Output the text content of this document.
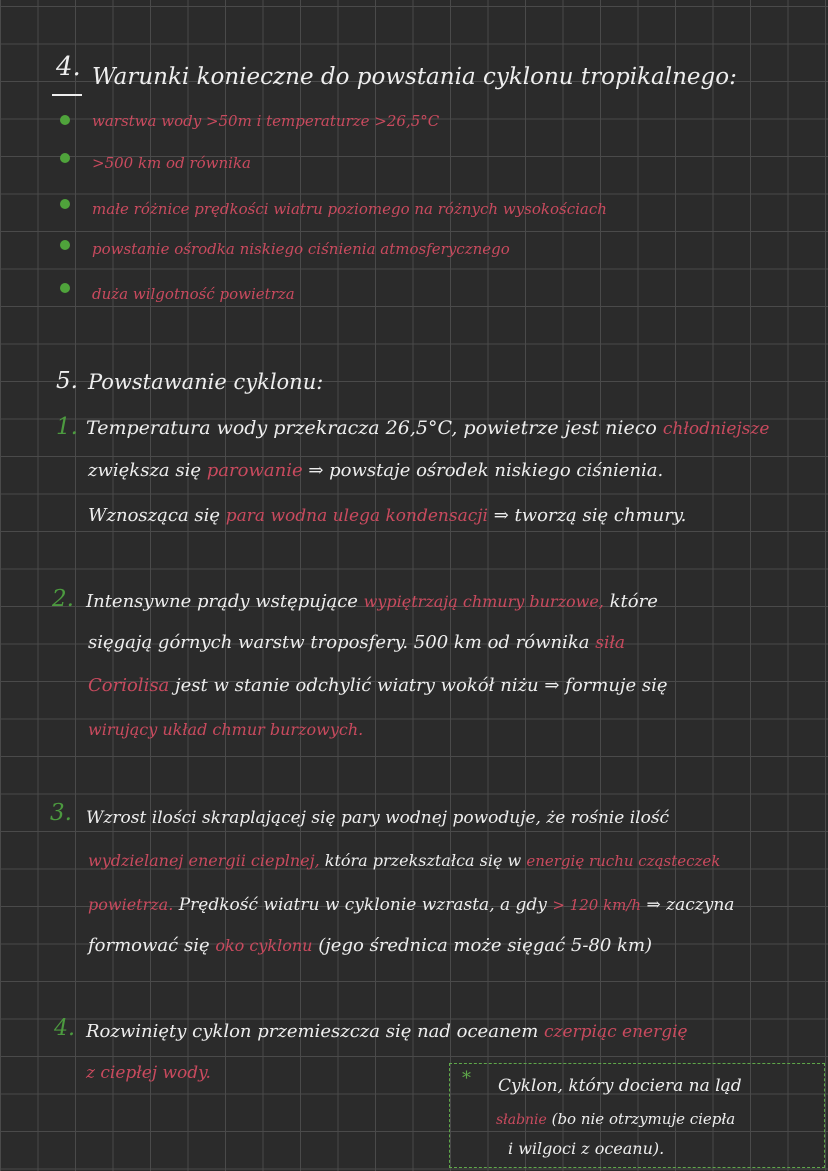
4. Warunki konieczne do powstania cyklonu tropikalnego:
warstwa wody >50m i temperaturze >26,5°C
>500 km od równika
małe różnice prędkości wiatru poziomego na różnych wysokościach
powstanie ośrodka niskiego ciśnienia atmosferycznego
duża wilgotność powietrza
5. Powstawanie cyklonu:
1. Temperatura wody przekracza 26,5°C, powietrze jest nieco chłodniejsze
zwiększa się parowanie ⇒ powstaje ośrodek niskiego ciśnienia.
Wznosząca się para wodna ulega kondensacji ⇒ tworzą się chmury.
2. Intensywne prądy wstępujące wypiętrzają chmury burzowe, które
sięgają górnych warstw troposfery. 500 km od równika siła
Coriolisa jest w stanie odchylić wiatry wokół niżu ⇒ formuje się
wirujący układ chmur burzowych.
3. Wzrost ilości skraplającej się pary wodnej powoduje, że rośnie ilość
wydzielanej energii cieplnej, która przekształca się w energię ruchu cząsteczek
powietrza. Prędkość wiatru w cyklonie wzrasta, a gdy > 120 km/h ⇒ zaczyna
formować się oko cyklonu (jego średnica może sięgać 5-80 km)
4. Rozwinięty cyklon przemieszcza się nad oceanem czerpiąc energię
z ciepłej wody.	* Cyklon, który dociera na ląd
słabnie (bo nie otrzymuje ciepła
i wilgoci z oceanu).
